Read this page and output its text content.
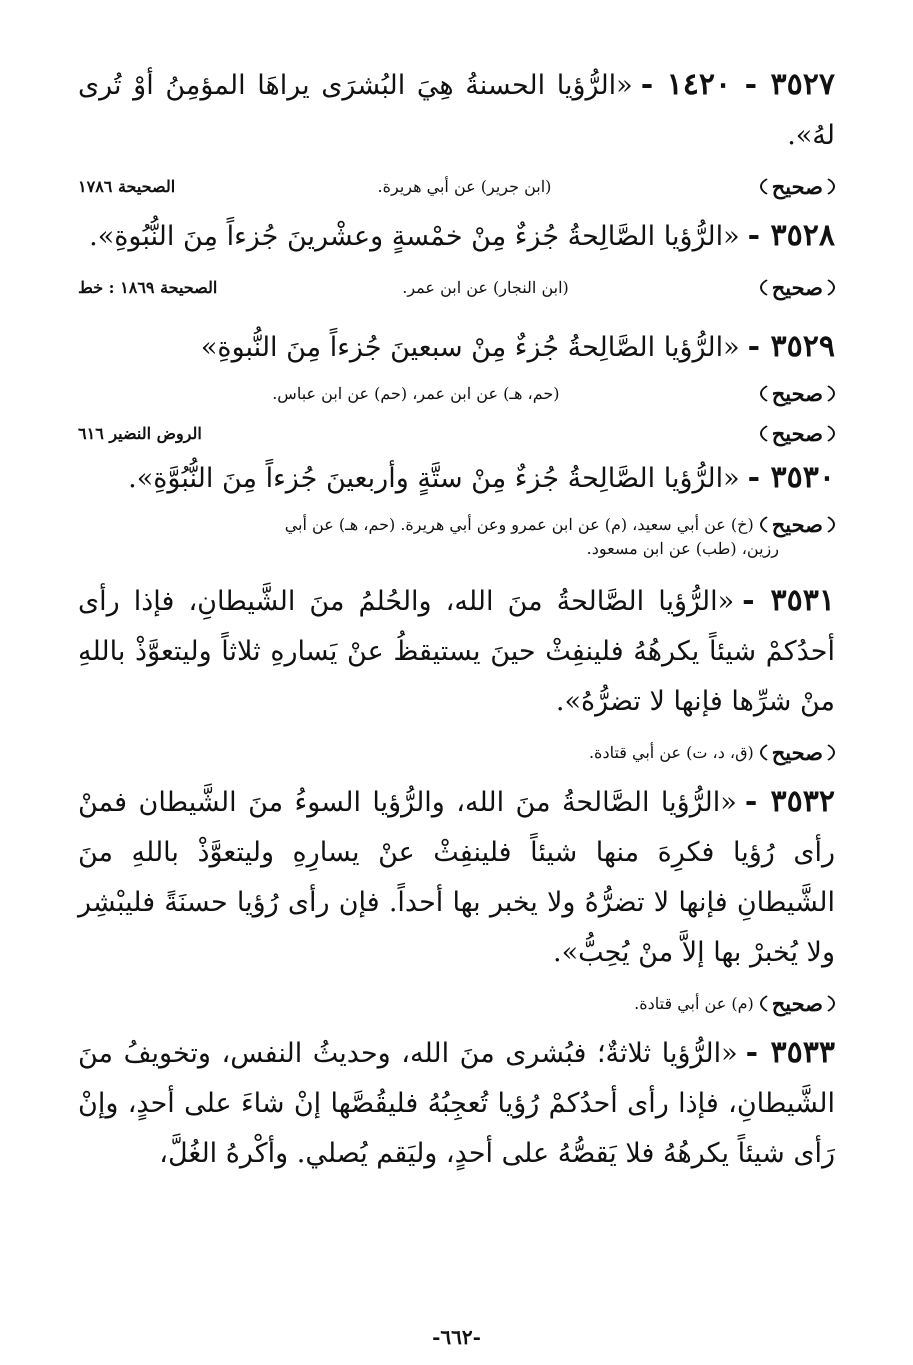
٣٥٢٧ - ١٤٢٠ -«الرُّؤيا الحسنةُ هِيَ البُشرَى يراهَا المؤمِنُ أوْ تُرى لهُ».

صحيح
(ابن جرير) عن أبي هريرة.
الصحيحة ١٧٨٦

٣٥٢٨ -«الرُّؤيا الصَّالِحةُ جُزءٌ مِنْ خمْسةٍ وعشْرينَ جُزءاً مِنَ النُّبُوةِ».

صحيح
(ابن النجار) عن ابن عمر.
الصحيحة ١٨٦٩ : خط

٣٥٢٩ -«الرُّؤيا الصَّالِحةُ جُزءٌ مِنْ سبعينَ جُزءاً مِنَ النُّبوةِ»

صحيح
(حم، هـ) عن ابن عمر، (حم) عن ابن عباس.
صحيح
الروض النضير ٦١٦

٣٥٣٠ -«الرُّؤيا الصَّالِحةُ جُزءٌ مِنْ ستَّةٍ وأربعينَ جُزءاً مِنَ النُّبُوَّةِ».

صحيح
(خ) عن أبي سعيد، (م) عن ابن عمرو وعن أبي هريرة. (حم، هـ) عن أبي
رزين، (طب) عن ابن مسعود.

٣٥٣١ -«الرُّؤيا الصَّالحةُ منَ الله، والحُلمُ منَ الشَّيطانِ، فإذا رأى أحدُكمْ شيئاً يكرهُهُ فلينفِثْ حينَ يستيقظُ عنْ يَسارهِ ثلاثاً وليتعوَّذْ باللهِ منْ شرِّها فإنها لا تضرُّهُ».

صحيح
(ق، د، ت) عن أبي قتادة.

٣٥٣٢ -«الرُّؤيا الصَّالحةُ منَ الله، والرُّؤيا السوءُ منَ الشَّيطان فمنْ رأى رُؤيا فكرِهَ منها شيئاً فلينفِثْ عنْ يسارِهِ وليتعوَّذْ باللهِ منَ الشَّيطانِ فإنها لا تضرُّهُ ولا يخبر بها أحداً. فإن رأى رُؤيا حسنَةً فليبْشِر ولا يُخبرْ بها إلاَّ منْ يُحِبُّ».

صحيح
(م) عن أبي قتادة.

٣٥٣٣ -«الرُّؤيا ثلاثةٌ؛ فبُشرى منَ الله، وحديثُ النفس، وتخويفُ منَ الشَّيطانِ، فإذا رأى أحدُكمْ رُؤيا تُعجِبُهُ فليقُصَّها إنْ شاءَ على أحدٍ، وإنْ رَأى شيئاً يكرهُهُ فلا يَقصُّهُ على أحدٍ، وليَقم يُصلي. وأكْرهُ الغُلَّ،

-٦٦٢-
